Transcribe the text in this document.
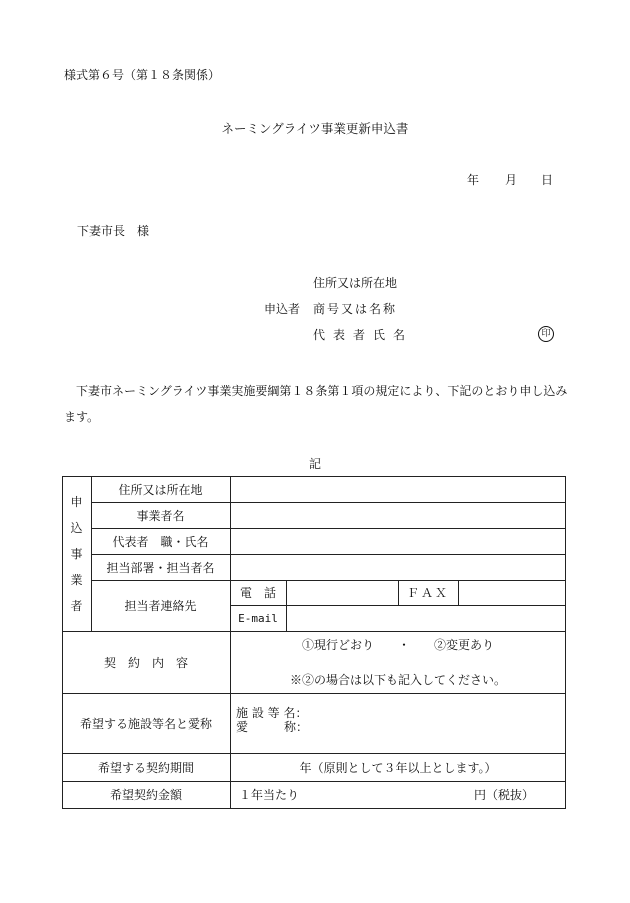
様式第６号（第１８条関係）
ネーミングライツ事業更新申込書
年 月 日
下妻市長　様
住所又は所在地
申込者 商号又は名称
代表者氏名	印
下妻市ネーミングライツ事業実施要綱第１８条第１項の規定により、下記のとおり申し込みます。
記
申
込
事
業
者
住所又は所在地
事業者名
代表者　職・氏名
担当部署・担当者名
担当者連絡先
電　話	ＦＡＸ
E-mail
契　約　内　容
①現行どおり　　・　　②変更あり
※②の場合は以下も記入してください。
希望する施設等名と愛称
施 設 等 名：
愛　　　称：
希望する契約期間	年（原則として３年以上とします。）
希望契約金額	１年当たり	円（税抜）
